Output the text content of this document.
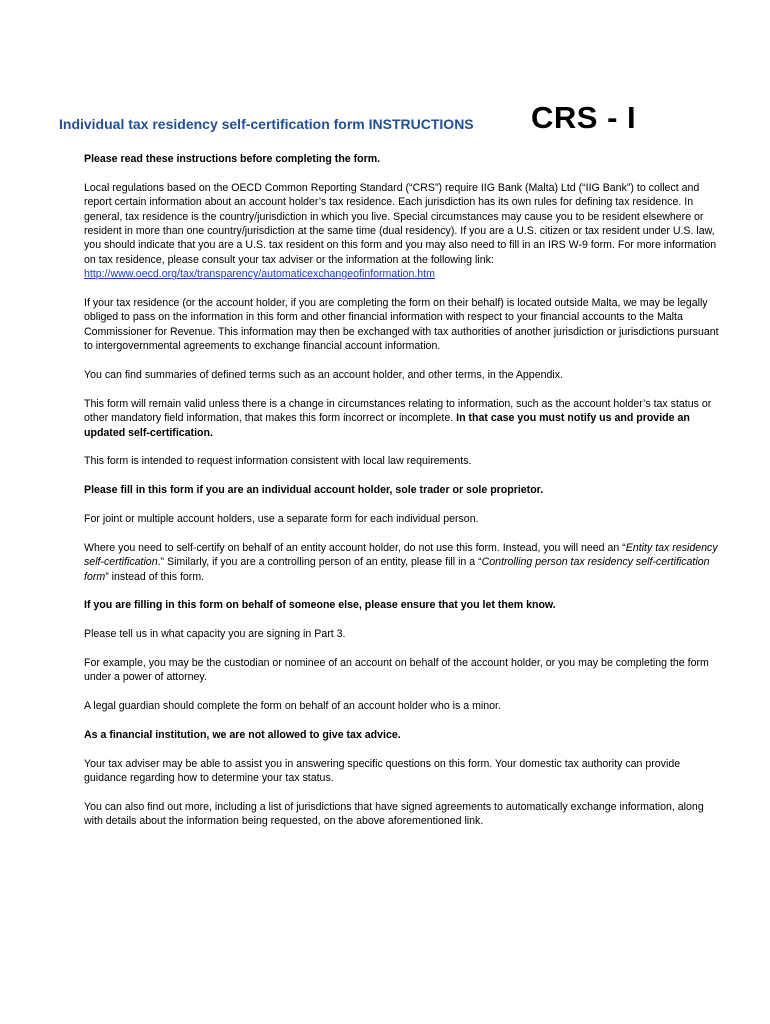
Individual tax residency self-certification form INSTRUCTIONS CRS - I

Please read these instructions before completing the form.

Local regulations based on the OECD Common Reporting Standard (“CRS”) require IIG Bank (Malta) Ltd (“IIG Bank”) to collect and report certain information about an account holder’s tax residence. Each jurisdiction has its own rules for defining tax residence. In general, tax residence is the country/jurisdiction in which you live. Special circumstances may cause you to be resident elsewhere or resident in more than one country/jurisdiction at the same time (dual residency). If you are a U.S. citizen or tax resident under U.S. law, you should indicate that you are a U.S. tax resident on this form and you may also need to fill in an IRS W-9 form. For more information on tax residence, please consult your tax adviser or the information at the following link: http://www.oecd.org/tax/transparency/automaticexchangeofinformation.htm

If your tax residence (or the account holder, if you are completing the form on their behalf) is located outside Malta, we may be legally obliged to pass on the information in this form and other financial information with respect to your financial accounts to the Malta Commissioner for Revenue. This information may then be exchanged with tax authorities of another jurisdiction or jurisdictions pursuant to intergovernmental agreements to exchange financial account information.

You can find summaries of defined terms such as an account holder, and other terms, in the Appendix.

This form will remain valid unless there is a change in circumstances relating to information, such as the account holder’s tax status or other mandatory field information, that makes this form incorrect or incomplete. In that case you must notify us and provide an updated self-certification.

This form is intended to request information consistent with local law requirements.

Please fill in this form if you are an individual account holder, sole trader or sole proprietor.

For joint or multiple account holders, use a separate form for each individual person.

Where you need to self-certify on behalf of an entity account holder, do not use this form. Instead, you will need an “Entity tax residency self-certification.” Similarly, if you are a controlling person of an entity, please fill in a “Controlling person tax residency self-certification form” instead of this form.

If you are filling in this form on behalf of someone else, please ensure that you let them know.

Please tell us in what capacity you are signing in Part 3.

For example, you may be the custodian or nominee of an account on behalf of the account holder, or you may be completing the form under a power of attorney.

A legal guardian should complete the form on behalf of an account holder who is a minor.

As a financial institution, we are not allowed to give tax advice.

Your tax adviser may be able to assist you in answering specific questions on this form. Your domestic tax authority can provide guidance regarding how to determine your tax status.

You can also find out more, including a list of jurisdictions that have signed agreements to automatically exchange information, along with details about the information being requested, on the above aforementioned link.
